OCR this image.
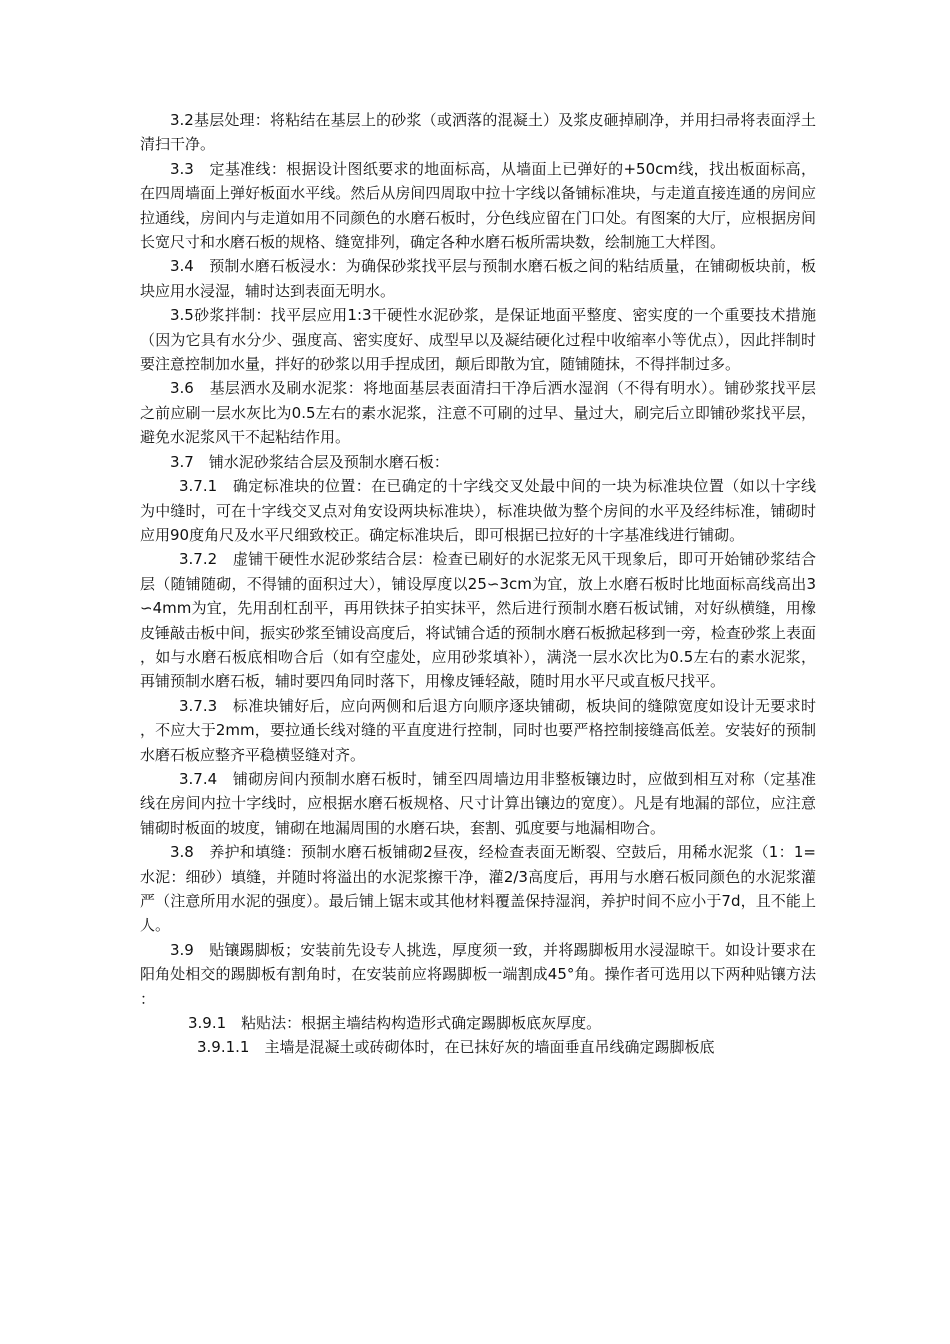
3.2基层处理：将粘结在基层上的砂浆（或洒落的混凝土）及浆皮砸掉刷净，并用扫帚将表面浮土清扫干净。

3.3　定基准线：根据设计图纸要求的地面标高，从墙面上已弹好的+50cm线，找出板面标高，在四周墙面上弹好板面水平线。然后从房间四周取中拉十字线以备铺标准块，与走道直接连通的房间应拉通线，房间内与走道如用不同颜色的水磨石板时，分色线应留在门口处。有图案的大厅，应根据房间长宽尺寸和水磨石板的规格、缝宽排列，确定各种水磨石板所需块数，绘制施工大样图。

3.4　预制水磨石板浸水：为确保砂浆找平层与预制水磨石板之间的粘结质量，在铺砌板块前，板块应用水浸湿，辅时达到表面无明水。

3.5砂浆拌制：找平层应用1:3干硬性水泥砂浆，是保证地面平整度、密实度的一个重要技术措施（因为它具有水分少、强度高、密实度好、成型早以及凝结硬化过程中收缩率小等优点），因此拌制时要注意控制加水量，拌好的砂浆以用手捏成团，颠后即散为宜，随铺随抹，不得拌制过多。

3.6　基层洒水及刷水泥浆：将地面基层表面清扫干净后洒水湿润（不得有明水）。铺砂浆找平层之前应刷一层水灰比为0.5左右的素水泥浆，注意不可刷的过早、量过大，刷完后立即铺砂浆找平层，避免水泥浆风干不起粘结作用。

3.7　铺水泥砂浆结合层及预制水磨石板：

3.7.1　确定标准块的位置：在已确定的十字线交叉处最中间的一块为标准块位置（如以十字线为中缝时，可在十字线交叉点对角安设两块标准块），标准块做为整个房间的水平及经纬标准，铺砌时应用90度角尺及水平尺细致校正。确定标准块后，即可根据已拉好的十字基准线进行铺砌。

3.7.2　虚铺干硬性水泥砂浆结合层：检查已刷好的水泥浆无风干现象后，即可开始铺砂浆结合层（随铺随砌，不得铺的面积过大），铺设厚度以25∽3cm为宜，放上水磨石板时比地面标高线高出3∽4mm为宜，先用刮杠刮平，再用铁抹子拍实抹平，然后进行预制水磨石板试铺，对好纵横缝，用橡皮锤敲击板中间，振实砂浆至铺设高度后，将试铺合适的预制水磨石板掀起移到一旁，检查砂浆上表面，如与水磨石板底相吻合后（如有空虚处，应用砂浆填补），满浇一层水次比为0.5左右的素水泥浆，再铺预制水磨石板，辅时要四角同时落下，用橡皮锤轻敲，随时用水平尺或直板尺找平。

3.7.3　标准块铺好后，应向两侧和后退方向顺序逐块铺砌，板块间的缝隙宽度如设计无要求时，不应大于2mm，要拉通长线对缝的平直度进行控制，同时也要严格控制接缝高低差。安装好的预制水磨石板应整齐平稳横竖缝对齐。

3.7.4　铺砌房间内预制水磨石板时，铺至四周墙边用非整板镶边时，应做到相互对称（定基准线在房间内拉十字线时，应根据水磨石板规格、尺寸计算出镶边的宽度）。凡是有地漏的部位，应注意铺砌时板面的坡度，铺砌在地漏周围的水磨石块，套割、弧度要与地漏相吻合。

3.8　养护和填缝：预制水磨石板铺砌2昼夜，经检查表面无断裂、空鼓后，用稀水泥浆（1：1=水泥：细砂）填缝，并随时将溢出的水泥浆擦干净，灌2/3高度后，再用与水磨石板同颜色的水泥浆灌严（注意所用水泥的强度）。最后铺上锯末或其他材料覆盖保持湿润，养护时间不应小于7d，且不能上人。

3.9　贴镶踢脚板；安装前先设专人挑选，厚度须一致，并将踢脚板用水浸湿晾干。如设计要求在阳角处相交的踢脚板有割角时，在安装前应将踢脚板一端割成45°角。操作者可选用以下两种贴镶方法：

3.9.1　粘贴法：根据主墙结构构造形式确定踢脚板底灰厚度。

3.9.1.1　主墙是混凝土或砖砌体时，在已抹好灰的墙面垂直吊线确定踢脚板底
